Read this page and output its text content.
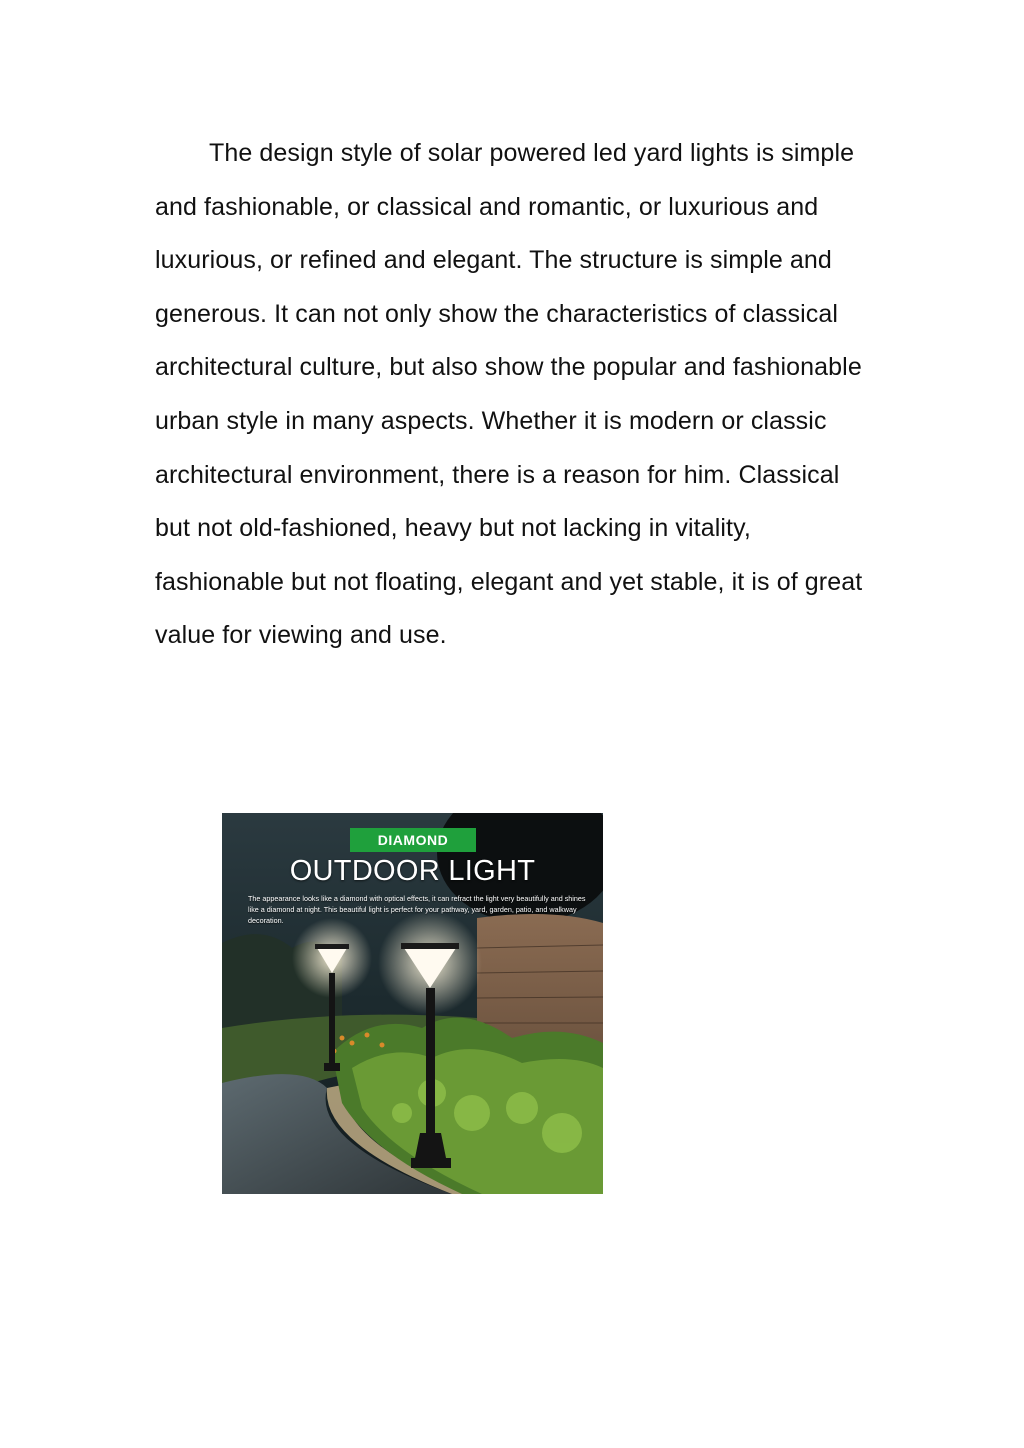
The design style of solar powered led yard lights is simple and fashionable, or classical and romantic, or luxurious and luxurious, or refined and elegant. The structure is simple and generous. It can not only show the characteristics of classical architectural culture, but also show the popular and fashionable urban style in many aspects. Whether it is modern or classic architectural environment, there is a reason for him. Classical but not old-fashioned, heavy but not lacking in vitality, fashionable but not floating, elegant and yet stable, it is of great value for viewing and use.

DIAMOND
OUTDOOR LIGHT

The appearance looks like a diamond with optical effects, it can refract the light very beautifully and shines like a diamond at night. This beautiful light is perfect for your pathway, yard, garden, patio, and walkway decoration.
